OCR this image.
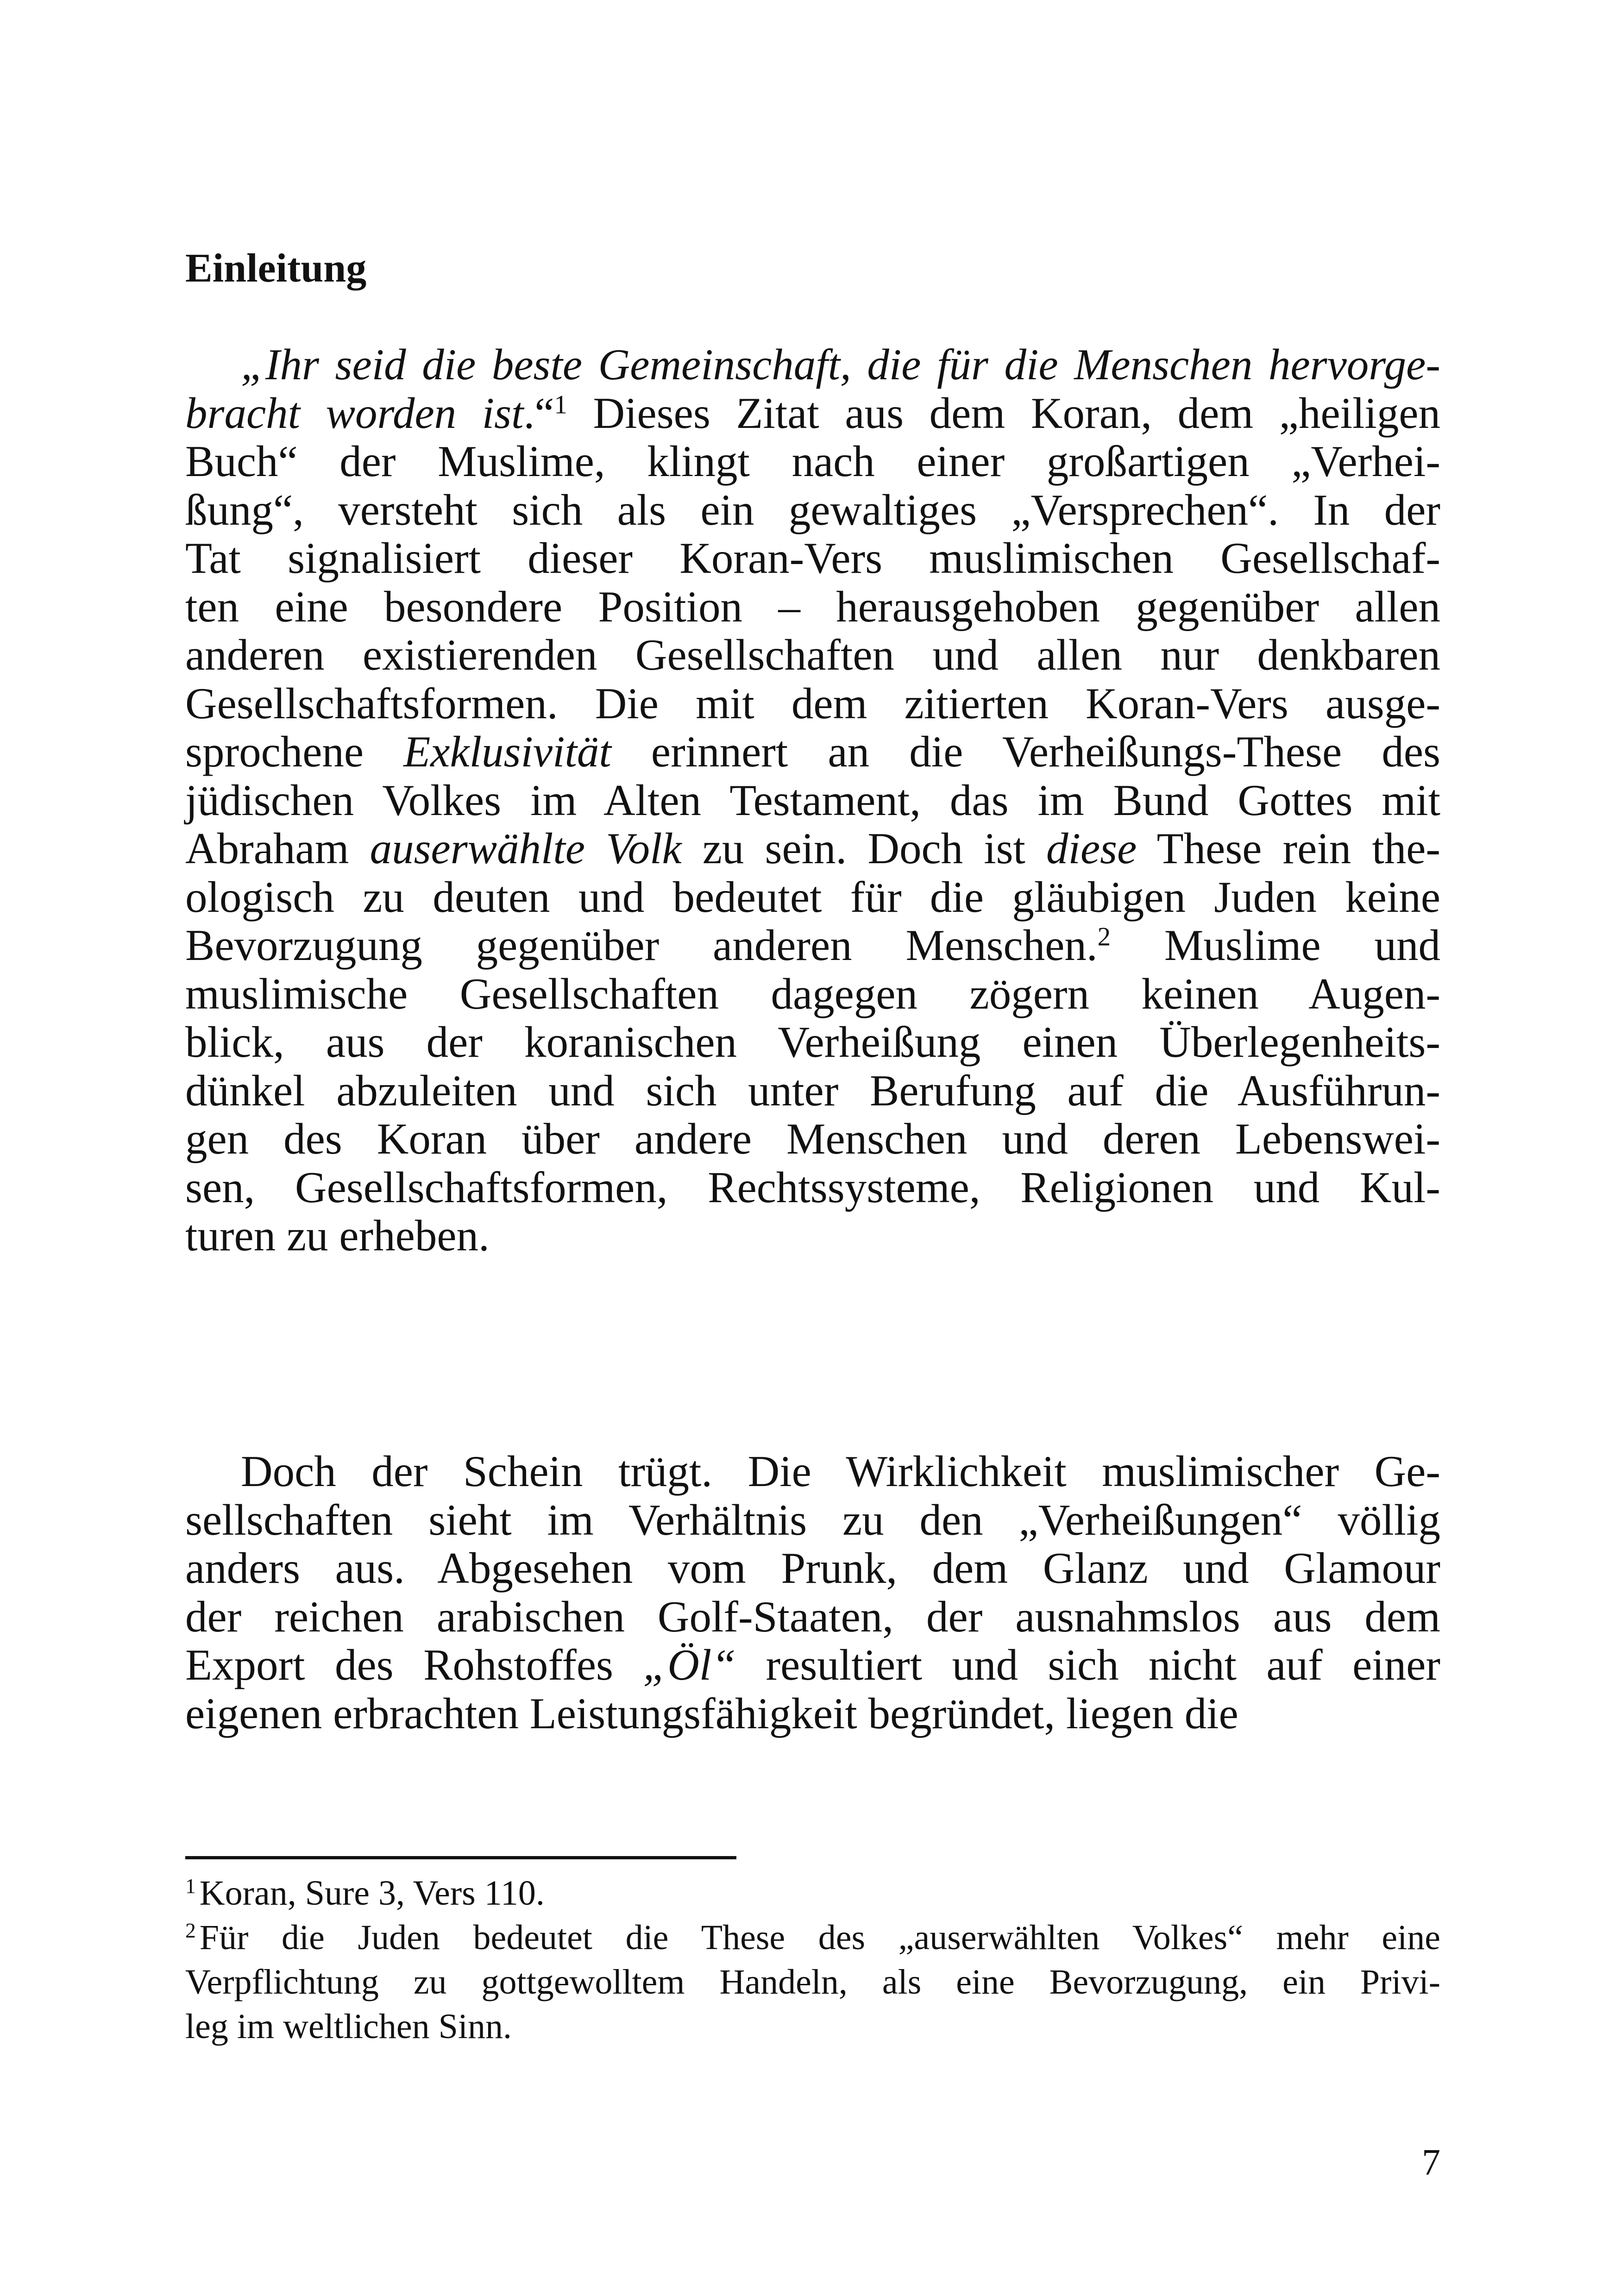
Einleitung
„Ihr seid die beste Gemeinschaft, die für die Menschen hervorge-
bracht worden ist.“$^1$ Dieses Zitat aus dem Koran, dem „heiligen
Buch“ der Muslime, klingt nach einer großartigen „Verhei-
ßung“, versteht sich als ein gewaltiges „Versprechen“. In der
Tat signalisiert dieser Koran-Vers muslimischen Gesellschaf-
ten eine besondere Position – herausgehoben gegenüber allen
anderen existierenden Gesellschaften und allen nur denkbaren
Gesellschaftsformen. Die mit dem zitierten Koran-Vers ausge-
sprochene Exklusivität erinnert an die Verheißungs-These des
jüdischen Volkes im Alten Testament, das im Bund Gottes mit
Abraham auserwählte Volk zu sein. Doch ist diese These rein the-
ologisch zu deuten und bedeutet für die gläubigen Juden keine
Bevorzugung gegenüber anderen Menschen.$^2$ Muslime und
muslimische Gesellschaften dagegen zögern keinen Augen-
blick, aus der koranischen Verheißung einen Überlegenheits-
dünkel abzuleiten und sich unter Berufung auf die Ausführun-
gen des Koran über andere Menschen und deren Lebenswei-
sen, Gesellschaftsformen, Rechtssysteme, Religionen und Kul-
turen zu erheben.
Doch der Schein trügt. Die Wirklichkeit muslimischer Ge-
sellschaften sieht im Verhältnis zu den „Verheißungen“ völlig
anders aus. Abgesehen vom Prunk, dem Glanz und Glamour
der reichen arabischen Golf-Staaten, der ausnahmslos aus dem
Export des Rohstoffes „Öl“ resultiert und sich nicht auf einer
eigenen erbrachten Leistungsfähigkeit begründet, liegen die
$^1$ Koran, Sure 3, Vers 110.
$^2$ Für die Juden bedeutet die These des „auserwählten Volkes“ mehr eine
Verpflichtung zu gottgewolltem Handeln, als eine Bevorzugung, ein Privi-
leg im weltlichen Sinn.
7
